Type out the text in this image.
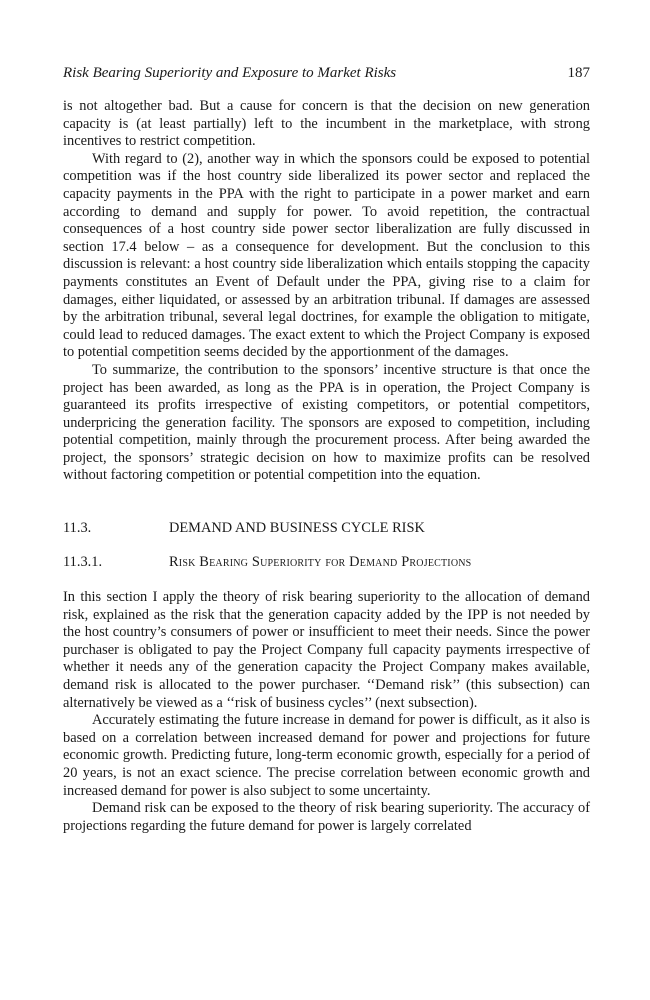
Risk Bearing Superiority and Exposure to Market Risks	187

is not altogether bad. But a cause for concern is that the decision on new generation capacity is (at least partially) left to the incumbent in the marketplace, with strong incentives to restrict competition.

With regard to (2), another way in which the sponsors could be exposed to potential competition was if the host country side liberalized its power sector and replaced the capacity payments in the PPA with the right to participate in a power market and earn according to demand and supply for power. To avoid repetition, the contractual consequences of a host country side power sector liberalization are fully discussed in section 17.4 below – as a consequence for development. But the conclusion to this discussion is relevant: a host country side liberalization which entails stopping the capacity payments constitutes an Event of Default under the PPA, giving rise to a claim for damages, either liquidated, or assessed by an arbitration tribunal. If damages are assessed by the arbitration tribunal, several legal doctrines, for example the obligation to mitigate, could lead to reduced damages. The exact extent to which the Project Company is exposed to potential competition seems decided by the apportionment of the damages.

To summarize, the contribution to the sponsors’ incentive structure is that once the project has been awarded, as long as the PPA is in operation, the Project Company is guaranteed its profits irrespective of existing competitors, or potential competitors, underpricing the generation facility. The sponsors are exposed to competition, including potential competition, mainly through the procurement process. After being awarded the project, the sponsors’ strategic decision on how to maximize profits can be resolved without factoring competition or potential competition into the equation.

11.3.	DEMAND AND BUSINESS CYCLE RISK
11.3.1.	Risk Bearing Superiority for Demand Projections

In this section I apply the theory of risk bearing superiority to the allocation of demand risk, explained as the risk that the generation capacity added by the IPP is not needed by the host country’s consumers of power or insufficient to meet their needs. Since the power purchaser is obligated to pay the Project Company full capacity payments irrespective of whether it needs any of the generation capacity the Project Company makes available, demand risk is allocated to the power purchaser. ‘‘Demand risk’’ (this subsection) can alternatively be viewed as a ‘‘risk of business cycles’’ (next subsection).

Accurately estimating the future increase in demand for power is difficult, as it also is based on a correlation between increased demand for power and projections for future economic growth. Predicting future, long-term economic growth, especially for a period of 20 years, is not an exact science. The precise correlation between economic growth and increased demand for power is also subject to some uncertainty.

Demand risk can be exposed to the theory of risk bearing superiority. The accuracy of projections regarding the future demand for power is largely correlated
